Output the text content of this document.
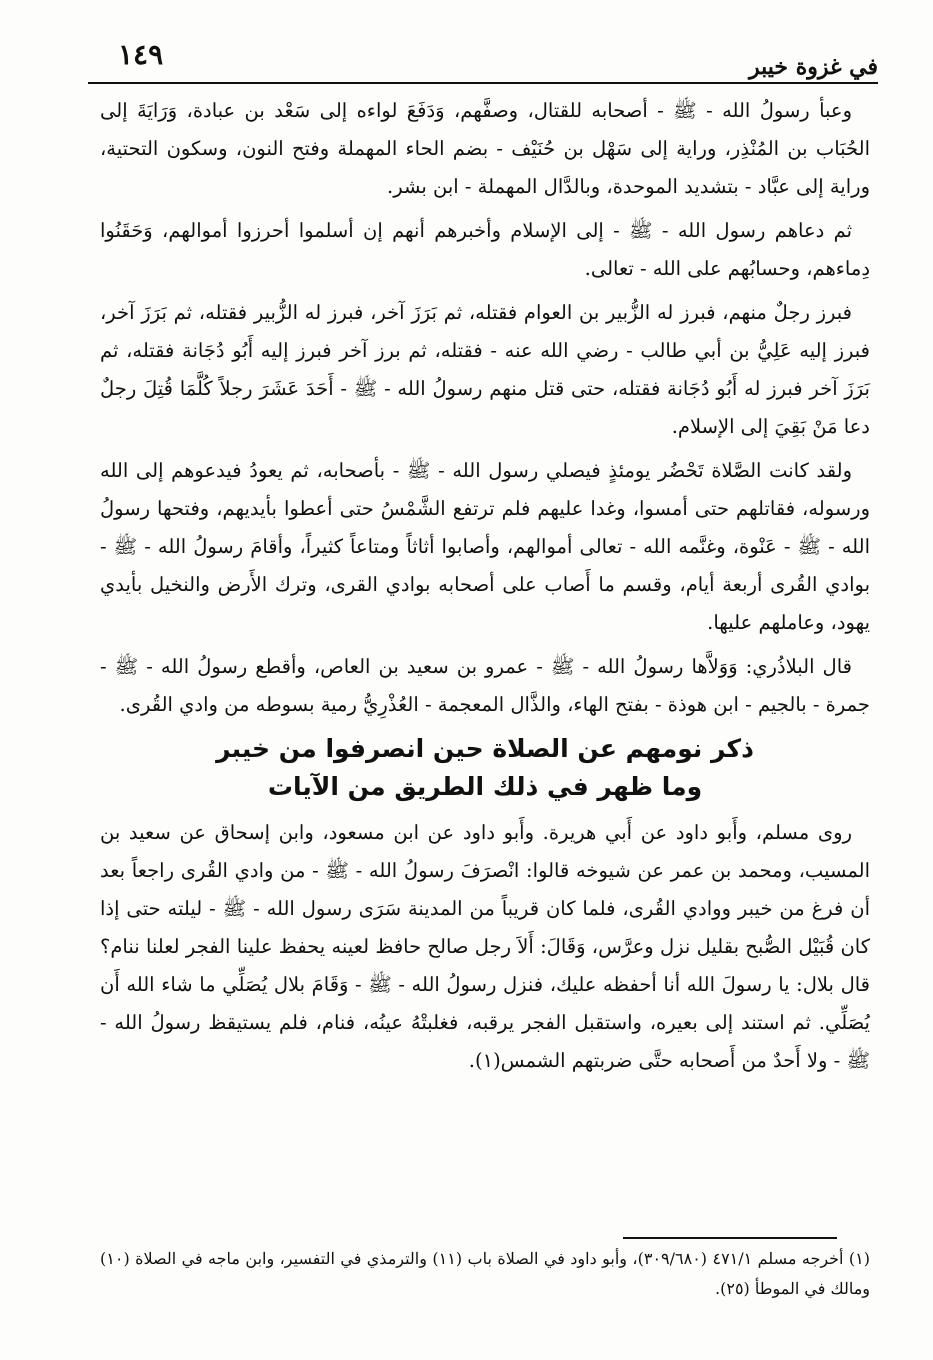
١٤٩	في غزوة خيبر

وعبأ رسولُ الله - ﷺ - أصحابه للقتال، وصفَّهم، وَدَفَعَ لواءه إلى سَعْد بن عبادة، وَرَايَةَ إلى الحُبَاب بن المُنْذِر، وراية إلى سَهْل بن حُنَيْف - بضم الحاء المهملة وفتح النون، وسكون التحتية، وراية إلى عبَّاد - بتشديد الموحدة، وبالدَّال المهملة - ابن بشر.

ثم دعاهم رسول الله - ﷺ - إلى الإسلام وأخبرهم أنهم إن أسلموا أحرزوا أموالهم، وَحَقَنُوا دِماءهم، وحسابُهم على الله - تعالى.

فبرز رجلٌ منهم، فبرز له الزُّبير بن العوام فقتله، ثم بَرَزَ آخر، فبرز له الزُّبير فقتله، ثم بَرَزَ آخر، فبرز إليه عَلِيُّ بن أبي طالب - رضي الله عنه - فقتله، ثم برز آخر فبرز إليه أَبُو دُجَانة فقتله، ثم بَرَزَ آخر فبرز له أَبُو دُجَانة فقتله، حتى قتل منهم رسولُ الله - ﷺ - أَحَدَ عَشَرَ رجلاً كُلَّمَا قُتِلَ رجلٌ دعا مَنْ بَقِيَ إلى الإسلام.

ولقد كانت الصَّلاة تَحْضُر يومئذٍ فيصلي رسول الله - ﷺ - بأصحابه، ثم يعودُ فيدعوهم إلى الله ورسوله، فقاتلهم حتى أمسوا، وغدا عليهم فلم ترتفع الشَّمْسُ حتى أعطوا بأيديهم، وفتحها رسولُ الله - ﷺ - عَنْوة، وغنَّمه الله - تعالى أموالهم، وأصابوا أثاثاً ومتاعاً كثيراً، وأقامَ رسولُ الله - ﷺ - بوادي القُرى أربعة أيام، وقسم ما أَصاب على أصحابه بوادي القرى، وترك الأَرض والنخيل بأيدي يهود، وعاملهم عليها.

قال البلاذُري: وَوَلاَّها رسولُ الله - ﷺ - عمرو بن سعيد بن العاص، وأقطع رسولُ الله - ﷺ - جمرة - بالجيم - ابن هوذة - بفتح الهاء، والذَّال المعجمة - العُذْرِيُّ رمية بسوطه من وادي القُرى.

ذكر نومهم عن الصلاة حين انصرفوا من خيبر
وما ظهر في ذلك الطريق من الآيات

روى مسلم، وأَبو داود عن أَبي هريرة. وأَبو داود عن ابن مسعود، وابن إسحاق عن سعيد بن المسيب، ومحمد بن عمر عن شيوخه قالوا: انْصرَفَ رسولُ الله - ﷺ - من وادي القُرى راجعاً بعد أن فرغ من خيبر ووادي القُرى، فلما كان قريباً من المدينة سَرَى رسول الله - ﷺ - ليلته حتى إذا كان قُبَيْل الصُّبح بقليل نزل وعرَّس، وَقَالَ: أَلاَ رجل صالح حافظ لعينه يحفظ علينا الفجر لعلنا ننام؟ قال بلال: يا رسولَ الله أنا أحفظه عليك، فنزل رسولُ الله - ﷺ - وَقَامَ بلال يُصَلِّي ما شاء الله أَن يُصَلِّي. ثم استند إلى بعيره، واستقبل الفجر يرقبه، فغلبتْهُ عينُه، فنام، فلم يستيقظ رسولُ الله - ﷺ - ولا أَحدٌ من أَصحابه حتَّى ضربتهم الشمس(١).

(١) أخرجه مسلم ٤٧١/١ (٣٠٩/٦٨٠)، وأبو داود في الصلاة باب (١١) والترمذي في التفسير، وابن ماجه في الصلاة (١٠) ومالك في الموطأ (٢٥).
